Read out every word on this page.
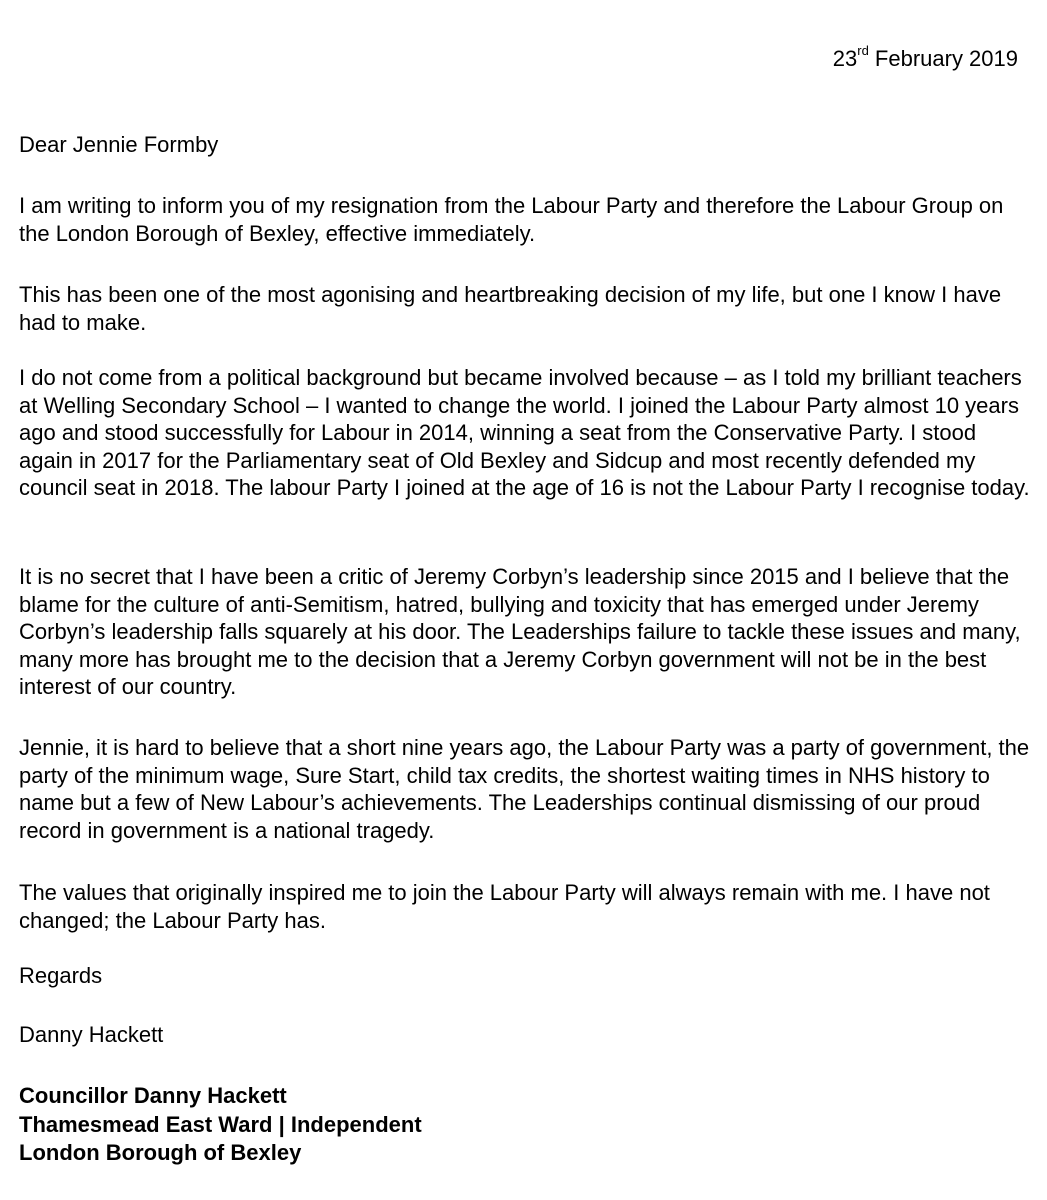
23rd February 2019

Dear Jennie Formby

I am writing to inform you of my resignation from the Labour Party and therefore the Labour Group on the London Borough of Bexley, effective immediately.

This has been one of the most agonising and heartbreaking decision of my life, but one I know I have had to make.

I do not come from a political background but became involved because – as I told my brilliant teachers at Welling Secondary School – I wanted to change the world. I joined the Labour Party almost 10 years ago and stood successfully for Labour in 2014, winning a seat from the Conservative Party. I stood again in 2017 for the Parliamentary seat of Old Bexley and Sidcup and most recently defended my council seat in 2018. The labour Party I joined at the age of 16 is not the Labour Party I recognise today.

It is no secret that I have been a critic of Jeremy Corbyn’s leadership since 2015 and I believe that the blame for the culture of anti-Semitism, hatred, bullying and toxicity that has emerged under Jeremy Corbyn’s leadership falls squarely at his door. The Leaderships failure to tackle these issues and many, many more has brought me to the decision that a Jeremy Corbyn government will not be in the best interest of our country.

Jennie, it is hard to believe that a short nine years ago, the Labour Party was a party of government, the party of the minimum wage, Sure Start, child tax credits, the shortest waiting times in NHS history to name but a few of New Labour’s achievements. The Leaderships continual dismissing of our proud record in government is a national tragedy.

The values that originally inspired me to join the Labour Party will always remain with me. I have not changed; the Labour Party has.

Regards

Danny Hackett

Councillor Danny Hackett
Thamesmead East Ward | Independent
London Borough of Bexley
